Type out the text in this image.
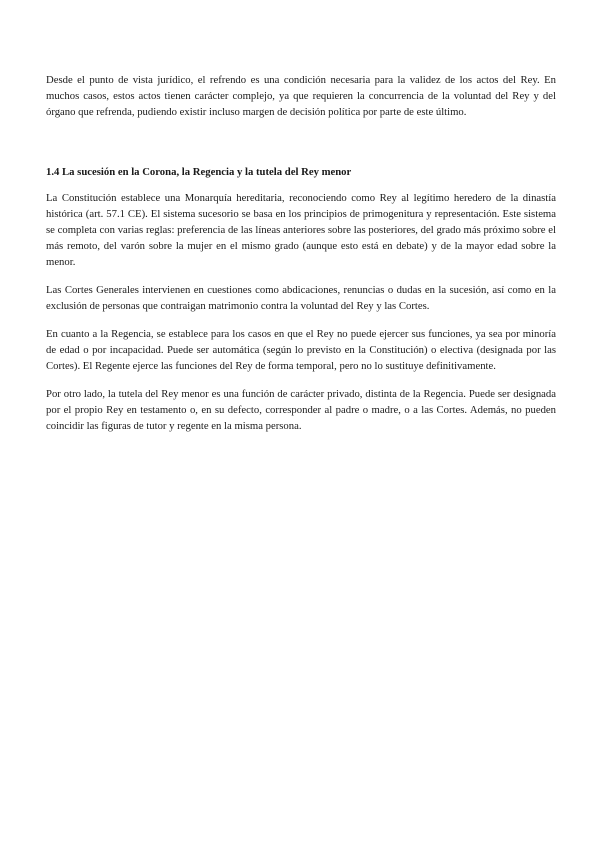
Desde el punto de vista jurídico, el refrendo es una condición necesaria para la validez de los actos del Rey. En muchos casos, estos actos tienen carácter complejo, ya que requieren la concurrencia de la voluntad del Rey y del órgano que refrenda, pudiendo existir incluso margen de decisión política por parte de este último.

1.4 La sucesión en la Corona, la Regencia y la tutela del Rey menor

La Constitución establece una Monarquía hereditaria, reconociendo como Rey al legítimo heredero de la dinastía histórica (art. 57.1 CE). El sistema sucesorio se basa en los principios de primogenitura y representación. Este sistema se completa con varias reglas: preferencia de las líneas anteriores sobre las posteriores, del grado más próximo sobre el más remoto, del varón sobre la mujer en el mismo grado (aunque esto está en debate) y de la mayor edad sobre la menor.

Las Cortes Generales intervienen en cuestiones como abdicaciones, renuncias o dudas en la sucesión, así como en la exclusión de personas que contraigan matrimonio contra la voluntad del Rey y las Cortes.

En cuanto a la Regencia, se establece para los casos en que el Rey no puede ejercer sus funciones, ya sea por minoría de edad o por incapacidad. Puede ser automática (según lo previsto en la Constitución) o electiva (designada por las Cortes). El Regente ejerce las funciones del Rey de forma temporal, pero no lo sustituye definitivamente.

Por otro lado, la tutela del Rey menor es una función de carácter privado, distinta de la Regencia. Puede ser designada por el propio Rey en testamento o, en su defecto, corresponder al padre o madre, o a las Cortes. Además, no pueden coincidir las figuras de tutor y regente en la misma persona.
